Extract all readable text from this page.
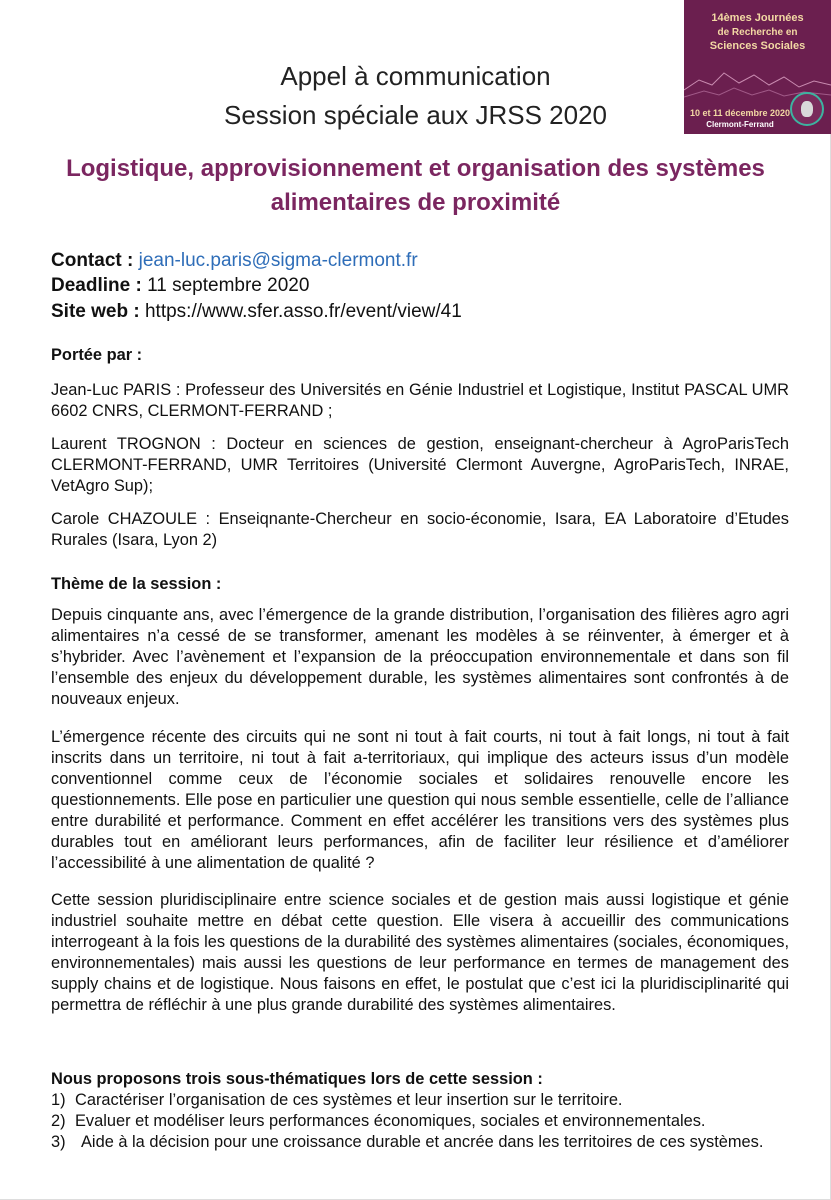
14èmes Journées
de Recherche en
Sciences Sociales
10 et 11 décembre 2020
Clermont-Ferrand
Appel à communication
Session spéciale aux JRSS 2020
Logistique, approvisionnement et organisation des systèmes alimentaires de proximité
Contact : jean-luc.paris@sigma-clermont.fr
Deadline : 11 septembre 2020
Site web : https://www.sfer.asso.fr/event/view/41
Portée par :
Jean-Luc PARIS : Professeur des Universités en Génie Industriel et Logistique, Institut PASCAL UMR 6602 CNRS, CLERMONT-FERRAND ;
Laurent TROGNON : Docteur en sciences de gestion, enseignant-chercheur à AgroParisTech CLERMONT-FERRAND, UMR Territoires (Université Clermont Auvergne, AgroParisTech, INRAE, VetAgro Sup);
Carole CHAZOULE : Enseiqnante-Chercheur en socio-économie, Isara, EA Laboratoire d’Etudes Rurales (Isara, Lyon 2)
Thème de la session :
Depuis cinquante ans, avec l’émergence de la grande distribution, l’organisation des filières agro agri alimentaires n’a cessé de se transformer, amenant les modèles à se réinventer, à émerger et à s’hybrider. Avec l’avènement et l’expansion de la préoccupation environnementale et dans son fil l’ensemble des enjeux du développement durable, les systèmes alimentaires sont confrontés à de nouveaux enjeux.
L’émergence récente des circuits qui ne sont ni tout à fait courts, ni tout à fait longs, ni tout à fait inscrits dans un territoire, ni tout à fait a-territoriaux, qui implique des acteurs issus d’un modèle conventionnel comme ceux de l’économie sociales et solidaires renouvelle encore les questionnements. Elle pose en particulier une question qui nous semble essentielle, celle de l’alliance entre durabilité et performance. Comment en effet accélérer les transitions vers des systèmes plus durables tout en améliorant leurs performances, afin de faciliter leur résilience et d’améliorer l’accessibilité à une alimentation de qualité ?
Cette session pluridisciplinaire entre science sociales et de gestion mais aussi logistique et génie industriel souhaite mettre en débat cette question. Elle visera à accueillir des communications interrogeant à la fois les questions de la durabilité des systèmes alimentaires (sociales, économiques, environnementales) mais aussi les questions de leur performance en termes de management des supply chains et de logistique. Nous faisons en effet, le postulat que c’est ici la pluridisciplinarité qui permettra de réfléchir à une plus grande durabilité des systèmes alimentaires.
Nous proposons trois sous-thématiques lors de cette session :
1) Caractériser l’organisation de ces systèmes et leur insertion sur le territoire.
2) Evaluer et modéliser leurs performances économiques, sociales et environnementales.
3) Aide à la décision pour une croissance durable et ancrée dans les territoires de ces systèmes.
